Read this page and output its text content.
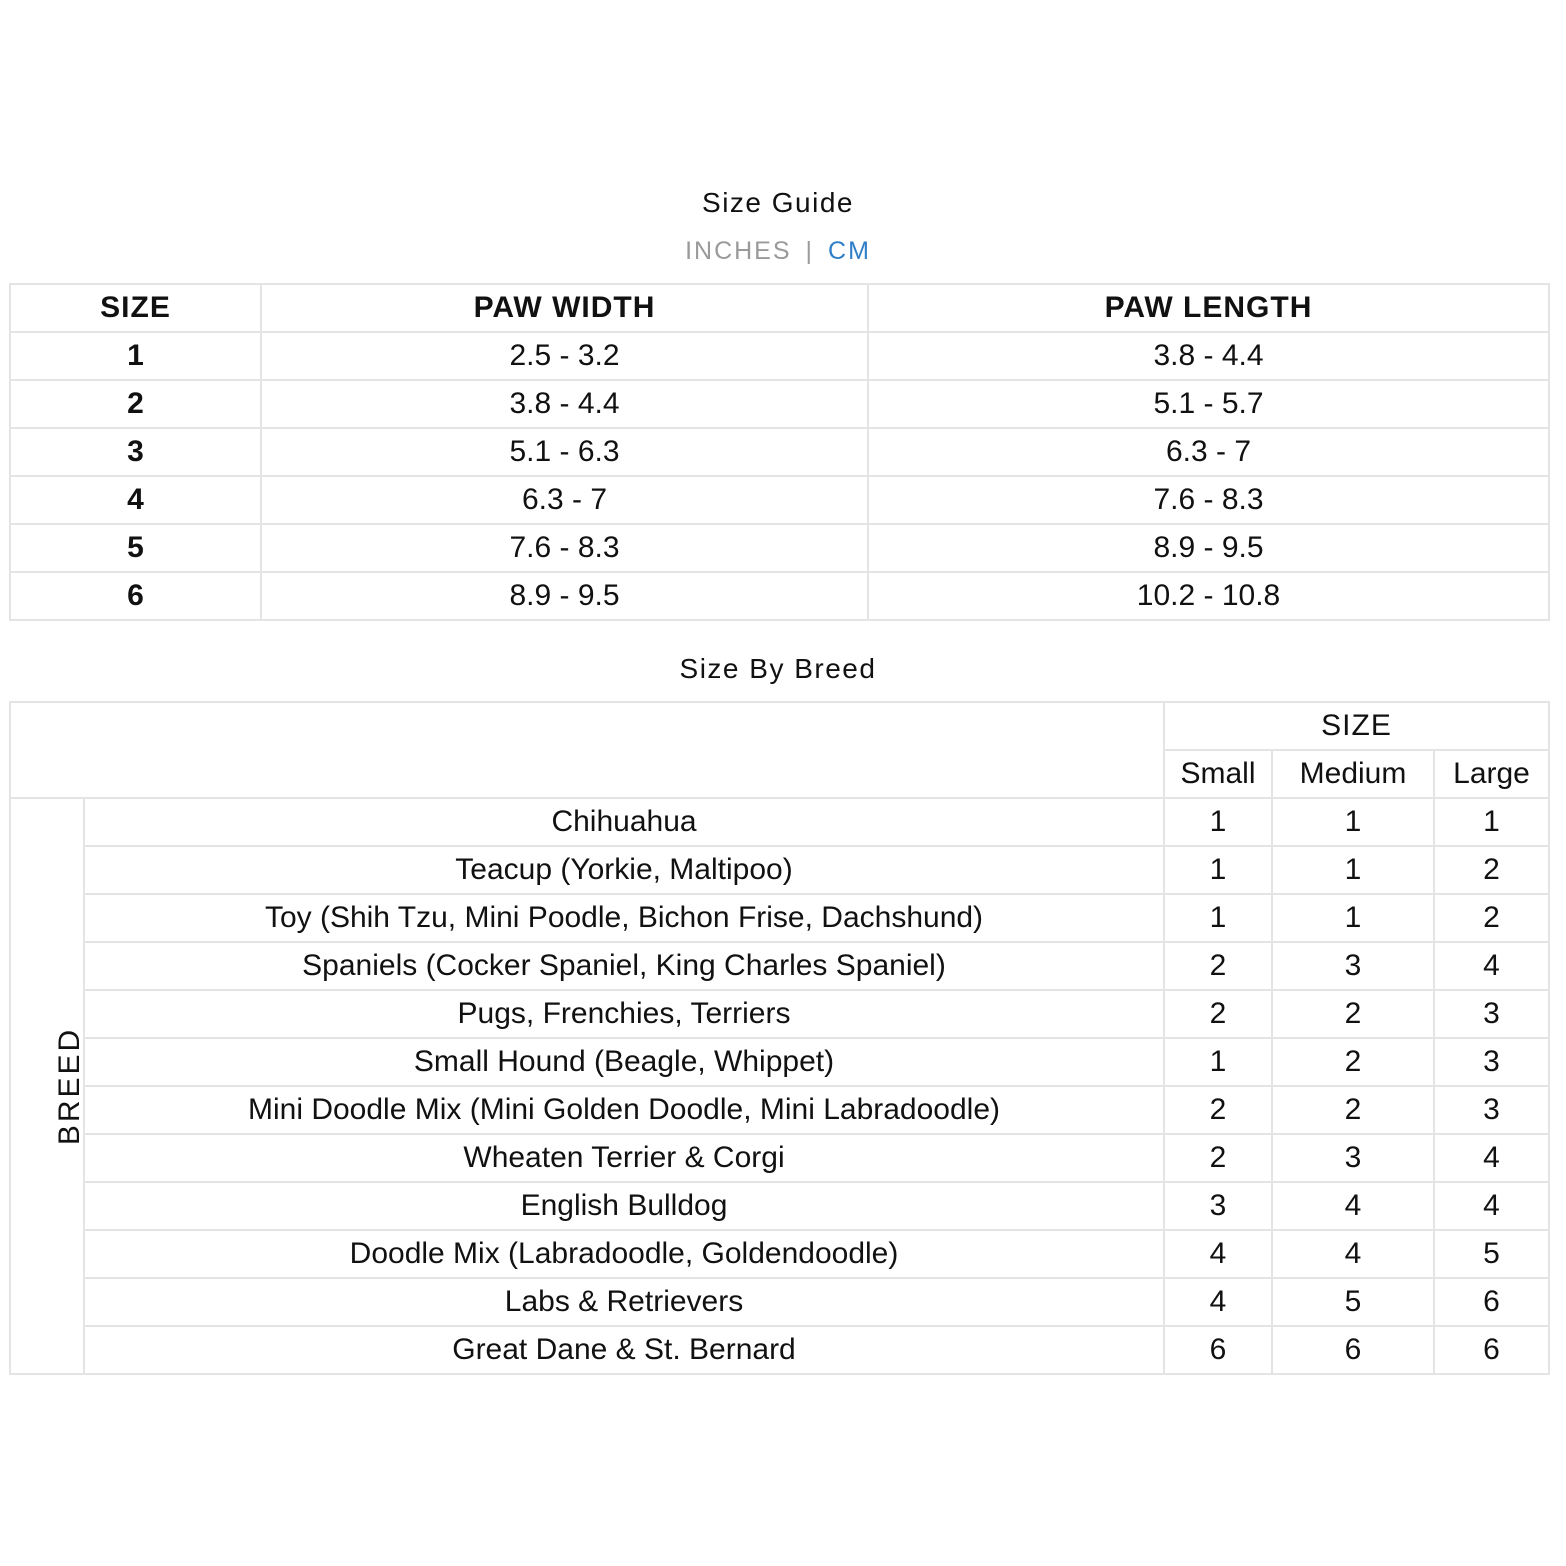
Size Guide
INCHES | CM
SIZE	PAW WIDTH	PAW LENGTH
1	2.5 - 3.2	3.8 - 4.4
2	3.8 - 4.4	5.1 - 5.7
3	5.1 - 6.3	6.3 - 7
4	6.3 - 7	7.6 - 8.3
5	7.6 - 8.3	8.9 - 9.5
6	8.9 - 9.5	10.2 - 10.8
Size By Breed
		SIZE		
		Small	Medium	Large
BREED	Chihuahua	1	1	1
	Teacup (Yorkie, Maltipoo)	1	1	2
	Toy (Shih Tzu, Mini Poodle, Bichon Frise, Dachshund)	1	1	2
	Spaniels (Cocker Spaniel, King Charles Spaniel)	2	3	4
	Pugs, Frenchies, Terriers	2	2	3
	Small Hound (Beagle, Whippet)	1	2	3
	Mini Doodle Mix (Mini Golden Doodle, Mini Labradoodle)	2	2	3
	Wheaten Terrier & Corgi	2	3	4
	English Bulldog	3	4	4
	Doodle Mix (Labradoodle, Goldendoodle)	4	4	5
	Labs & Retrievers	4	5	6
	Great Dane & St. Bernard	6	6	6
